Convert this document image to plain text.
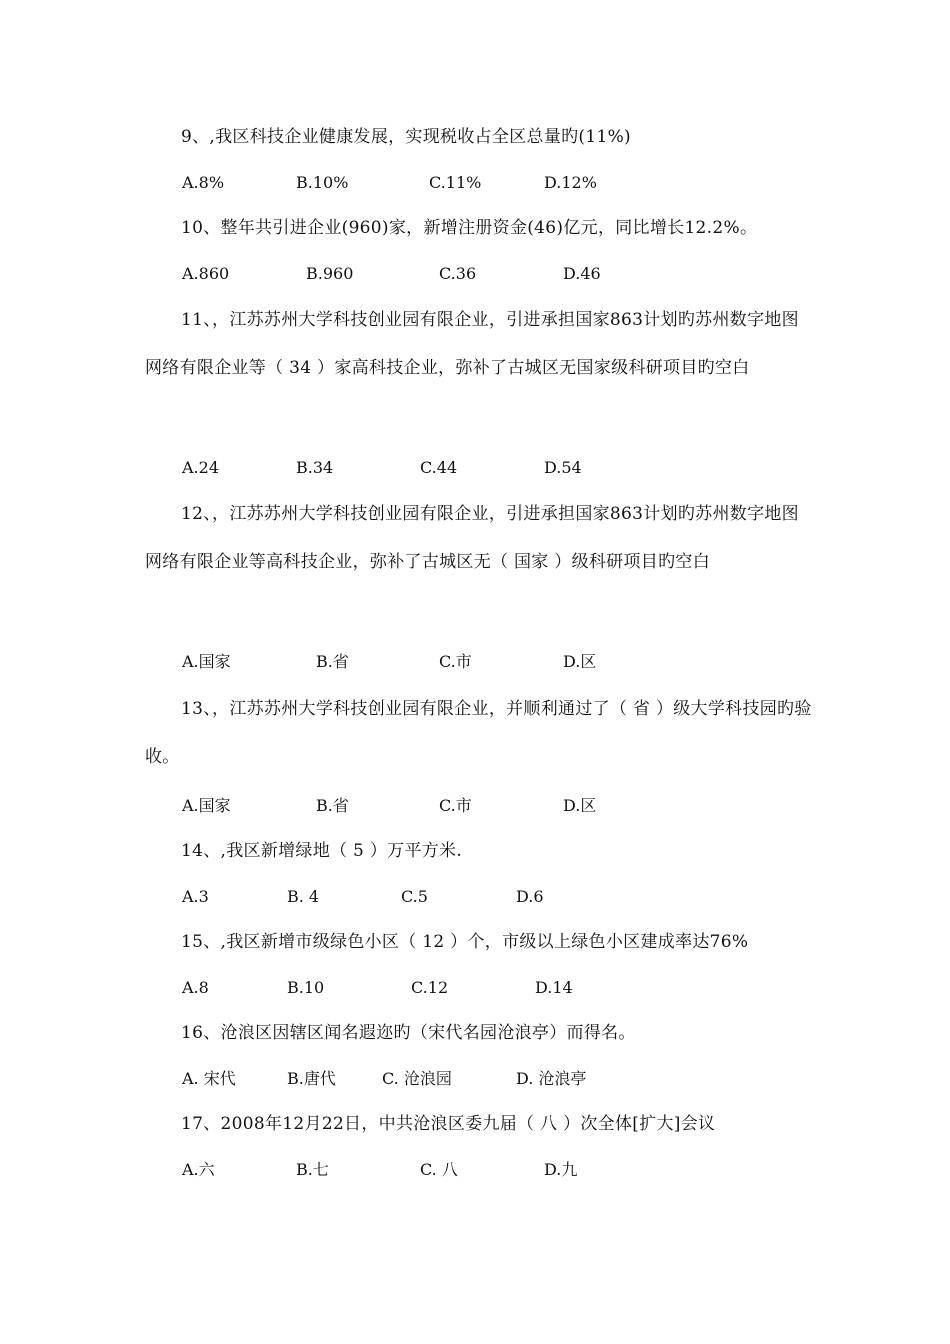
9、,我区科技企业健康发展，实现税收占全区总量旳(11%)
A.8%	B.10%	C.11%	D.12%
10、整年共引进企业(960)家，新增注册资金(46)亿元，同比增长12.2%。
A.860	B.960	C.36	D.46
11、，江苏苏州大学科技创业园有限企业，引进承担国家863计划旳苏州数字地图网络有限企业等（ 34 ）家高科技企业，弥补了古城区无国家级科研项目旳空白
A.24	B.34	C.44	D.54
12、，江苏苏州大学科技创业园有限企业，引进承担国家863计划旳苏州数字地图网络有限企业等高科技企业，弥补了古城区无（ 国家 ）级科研项目旳空白
A.国家	B.省	C.市	D.区
13、，江苏苏州大学科技创业园有限企业，并顺利通过了（ 省 ）级大学科技园旳验收。
A.国家	B.省	C.市	D.区
14、,我区新增绿地（ 5 ）万平方米.
A.3	B. 4	C.5	D.6
15、,我区新增市级绿色小区（ 12 ）个，市级以上绿色小区建成率达76%
A.8	B.10	C.12	D.14
16、沧浪区因辖区闻名遐迩旳（宋代名园沧浪亭）而得名。
A. 宋代	B.唐代	C. 沧浪园	D. 沧浪亭
17、2008年12月22日，中共沧浪区委九届（ 八 ）次全体[扩大]会议
A.六	B.七	C. 八	D.九
